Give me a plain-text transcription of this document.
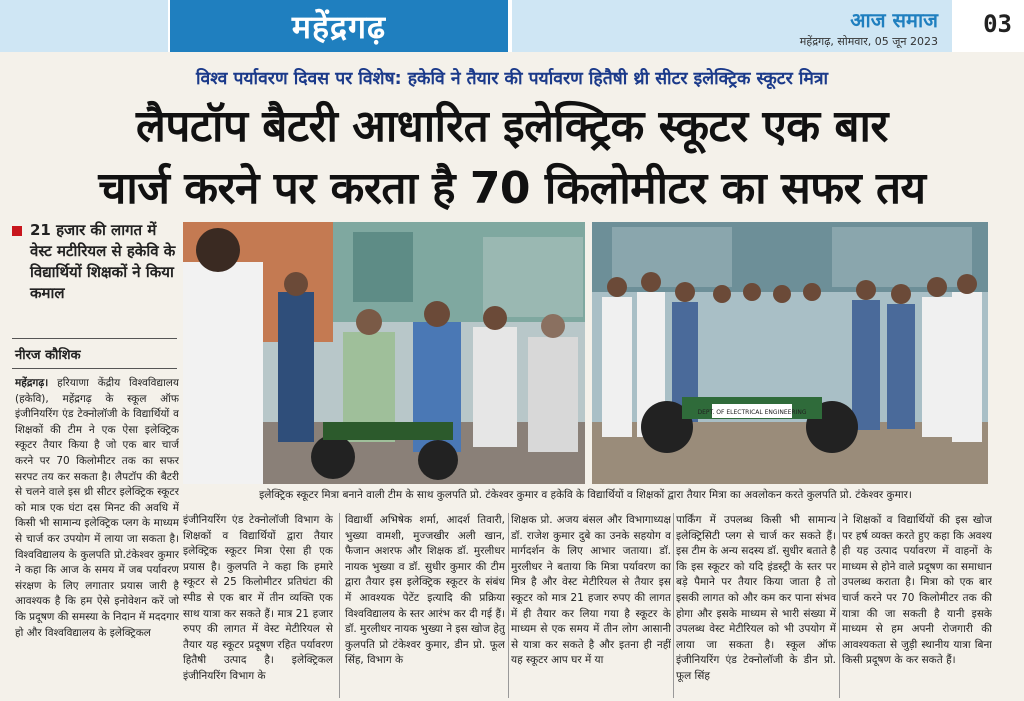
महेंद्रगढ़	आज समाज
महेंद्रगढ़, सोमवार, 05 जून 2023
03
विश्व पर्यावरण दिवस पर विशेष: हकेवि ने तैयार की पर्यावरण हितैषी थ्री सीटर इलेक्ट्रिक स्कूटर मित्रा
लैपटॉप बैटरी आधारित इलेक्ट्रिक स्कूटर एक बार
चार्ज करने पर करता है 70 किलोमीटर का सफर तय
21 हजार की लागत में वेस्ट मटीरियल से हकेवि के विद्यार्थियों शिक्षकों ने किया कमाल
नीरज कौशिक
DEPT. OF ELECTRICAL ENGINEERING
इलेक्ट्रिक स्कूटर मित्रा बनाने वाली टीम के साथ कुलपति प्रो. टंकेश्वर कुमार व हकेवि के विद्यार्थियों व शिक्षकों द्वारा तैयार मित्रा का अवलोकन करते कुलपति प्रो. टंकेश्वर कुमार।
महेंद्रगढ़। हरियाणा केंद्रीय विश्वविद्यालय (हकेवि), महेंद्रगढ़ के स्कूल ऑफ इंजीनियरिंग एंड टेक्नोलॉजी के विद्यार्थियों व शिक्षकों की टीम ने एक ऐसा इलेक्ट्रिक स्कूटर तैयार किया है जो एक बार चार्ज करने पर 70 किलोमीटर तक का सफर सरपट तय कर सकता है। लैपटॉप की बैटरी से चलने वाले इस थ्री सीटर इलेक्ट्रिक स्कूटर को मात्र एक घंटा दस मिनट की अवधि में किसी भी सामान्य इलेक्ट्रिक प्लग के माध्यम से चार्ज कर उपयोग में लाया जा सकता है। विश्वविद्यालय के कुलपति प्रो.टंकेश्वर कुमार ने कहा कि आज के समय में जब पर्यावरण संरक्षण के लिए लगातार प्रयास जारी है आवश्यक है कि हम ऐसे इनोवेशन करें जो कि प्रदूषण की समस्या के निदान में मददगार हो और विश्वविद्यालय के इलेक्ट्रिकल
इंजीनियरिंग एंड टेक्नोलॉजी विभाग के शिक्षकों व विद्यार्थियों द्वारा तैयार इलेक्ट्रिक स्कूटर मित्रा ऐसा ही एक प्रयास है। कुलपति ने कहा कि हमारे स्कूटर से 25 किलोमीटर प्रतिघंटा की स्पीड से एक बार में तीन व्यक्ति एक साथ यात्रा कर सकते हैं। मात्र 21 हजार रुपए की लागत में वेस्ट मेटीरियल से तैयार यह स्कूटर प्रदूषण रहित पर्यावरण हितैषी उत्पाद है। इलेक्ट्रिकल इंजीनियरिंग विभाग के
विद्यार्थी अभिषेक शर्मा, आदर्श तिवारी, भुख्या वामशी, मुज्जखीर अली खान, फैजान अशरफ और शिक्षक डॉ. मुरलीधर नायक भुख्या व डॉ. सुधीर कुमार की टीम द्वारा तैयार इस इलेक्ट्रिक स्कूटर के संबंध में आवश्यक पेटेंट इत्यादि की प्रक्रिया विश्वविद्यालय के स्तर आरंभ कर दी गई हैं। डॉ. मुरलीधर नायक भुख्या ने इस खोज हेतु कुलपति प्रो टंकेश्वर कुमार, डीन प्रो. फूल सिंह, विभाग के
शिक्षक प्रो. अजय बंसल और विभागाध्यक्ष डॉ. राजेश कुमार दुबे का उनके सहयोग व मार्गदर्शन के लिए आभार जताया। डॉ. मुरलीधर ने बताया कि मित्रा पर्यावरण का मित्र है और वेस्ट मेटीरियल से तैयार इस स्कूटर को मात्र 21 हजार रुपए की लागत में ही तैयार कर लिया गया है स्कूटर के माध्यम से एक समय में तीन लोग आसानी से यात्रा कर सकते है और इतना ही नहीं यह स्कूटर आप घर में या
पार्किंग में उपलब्ध किसी भी सामान्य इलेक्ट्रिसिटी प्लग से चार्ज कर सकते हैं। इस टीम के अन्य सदस्य डॉ. सुधीर बताते है कि इस स्कूटर को यदि इंडस्ट्री के स्तर पर बड़े पैमाने पर तैयार किया जाता है तो इसकी लागत को और कम कर पाना संभव होगा और इसके माध्यम से भारी संख्या में उपलब्ध वेस्ट मेटीरियल को भी उपयोग में लाया जा सकता है। स्कूल ऑफ इंजीनियरिंग एंड टेक्नोलॉजी के डीन प्रो. फूल सिंह
ने शिक्षकों व विद्यार्थियों की इस खोज पर हर्ष व्यक्त करते हुए कहा कि अवश्य ही यह उत्पाद पर्यावरण में वाहनों के माध्यम से होने वाले प्रदूषण का समाधान उपलब्ध कराता है। मित्रा को एक बार चार्ज करने पर 70 किलोमीटर तक की यात्रा की जा सकती है यानी इसके माध्यम से हम अपनी रोजगारी की आवश्यकता से जुड़ी स्थानीय यात्रा बिना किसी प्रदूषण के कर सकते हैं।
